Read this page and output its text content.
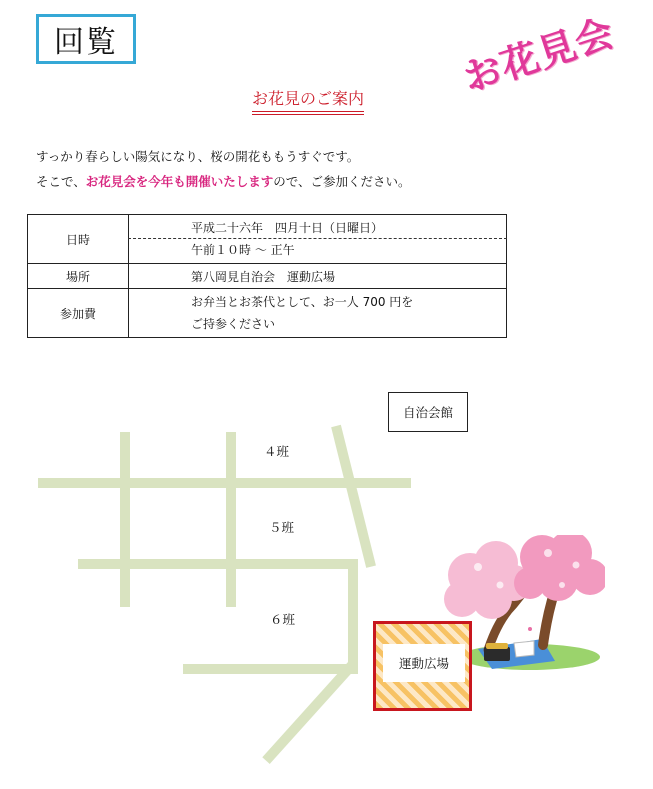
回覧	お花見会
お花見のご案内
すっかり春らしい陽気になり、桜の開花ももうすぐです。
そこで、お花見会を今年も開催いたしますので、ご参加ください。
日時	平成二十六年　四月十日（日曜日）
午前１０時 ～ 正午

場所	第八岡見自治会　運動広場
参加費	お弁当とお茶代として、お一人 700 円を
ご持参ください
自治会館
４班
５班
６班
運動広場
